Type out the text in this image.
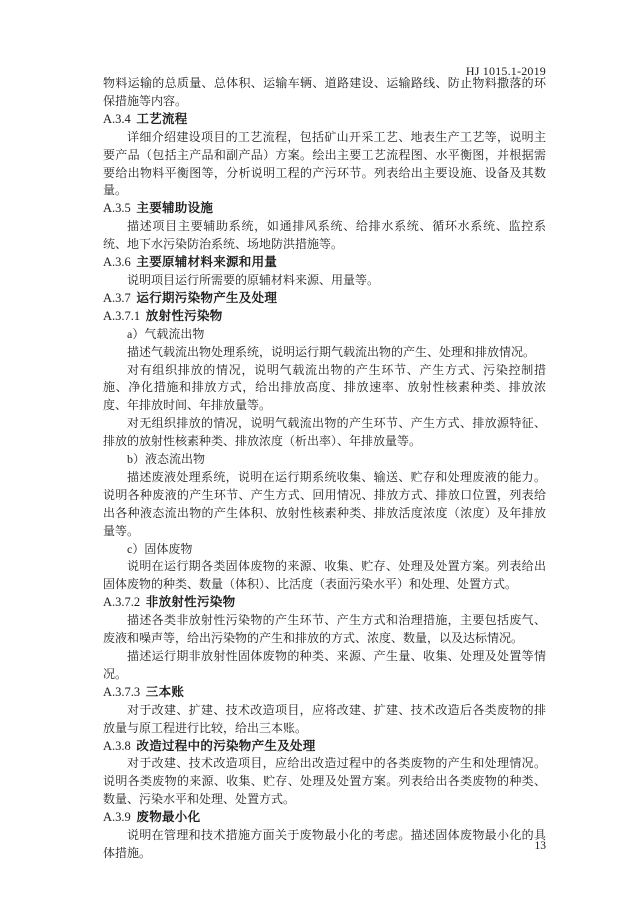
HJ 1015.1-2019

物料运输的总质量、总体积、运输车辆、道路建设、运输路线、防止物料撒落的环保措施等内容。

A.3.4 工艺流程

详细介绍建设项目的工艺流程，包括矿山开采工艺、地表生产工艺等，说明主要产品（包括主产品和副产品）方案。绘出主要工艺流程图、水平衡图，并根据需要给出物料平衡图等，分析说明工程的产污环节。列表给出主要设施、设备及其数量。

A.3.5 主要辅助设施

描述项目主要辅助系统，如通排风系统、给排水系统、循环水系统、监控系统、地下水污染防治系统、场地防洪措施等。

A.3.6 主要原辅材料来源和用量

说明项目运行所需要的原辅材料来源、用量等。

A.3.7 运行期污染物产生及处理
A.3.7.1 放射性污染物

a）气载流出物

描述气载流出物处理系统，说明运行期气载流出物的产生、处理和排放情况。

对有组织排放的情况，说明气载流出物的产生环节、产生方式、污染控制措施、净化措施和排放方式，给出排放高度、排放速率、放射性核素种类、排放浓度、年排放时间、年排放量等。

对无组织排放的情况，说明气载流出物的产生环节、产生方式、排放源特征、排放的放射性核素种类、排放浓度（析出率）、年排放量等。

b）液态流出物

描述废液处理系统，说明在运行期系统收集、输送、贮存和处理废液的能力。说明各种废液的产生环节、产生方式、回用情况、排放方式、排放口位置，列表给出各种液态流出物的产生体积、放射性核素种类、排放活度浓度（浓度）及年排放量等。

c）固体废物

说明在运行期各类固体废物的来源、收集、贮存、处理及处置方案。列表给出固体废物的种类、数量（体积）、比活度（表面污染水平）和处理、处置方式。

A.3.7.2 非放射性污染物

描述各类非放射性污染物的产生环节、产生方式和治理措施，主要包括废气、废液和噪声等，给出污染物的产生和排放的方式、浓度、数量，以及达标情况。

描述运行期非放射性固体废物的种类、来源、产生量、收集、处理及处置等情况。

A.3.7.3 三本账

对于改建、扩建、技术改造项目，应将改建、扩建、技术改造后各类废物的排放量与原工程进行比较，给出三本账。

A.3.8 改造过程中的污染物产生及处理

对于改建、技术改造项目，应给出改造过程中的各类废物的产生和处理情况。说明各类废物的来源、收集、贮存、处理及处置方案。列表给出各类废物的种类、数量、污染水平和处理、处置方式。

A.3.9 废物最小化

说明在管理和技术措施方面关于废物最小化的考虑。描述固体废物最小化的具体措施。	13
